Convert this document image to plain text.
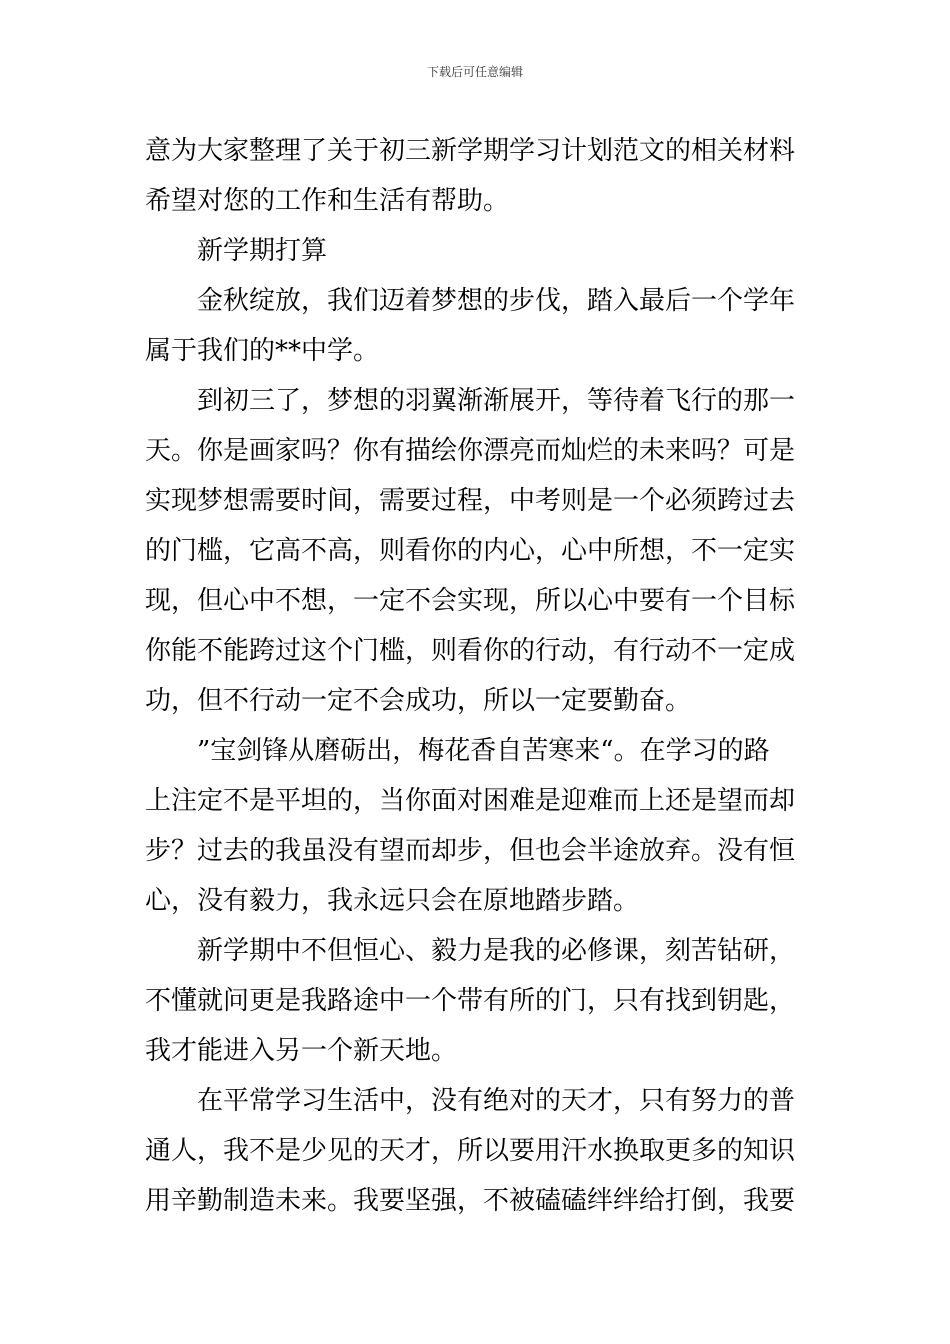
下载后可任意编辑
意为大家整理了关于初三新学期学习计划范文的相关材料
希望对您的工作和生活有帮助。
新学期打算
金秋绽放，我们迈着梦想的步伐，踏入最后一个学年
属于我们的**中学。
到初三了，梦想的羽翼渐渐展开，等待着飞行的那一
天。你是画家吗？你有描绘你漂亮而灿烂的未来吗？可是
实现梦想需要时间，需要过程，中考则是一个必须跨过去
的门槛，它高不高，则看你的内心，心中所想，不一定实
现，但心中不想，一定不会实现，所以心中要有一个目标
你能不能跨过这个门槛，则看你的行动，有行动不一定成
功，但不行动一定不会成功，所以一定要勤奋。
”宝剑锋从磨砺出，梅花香自苦寒来“。在学习的路
上注定不是平坦的，当你面对困难是迎难而上还是望而却
步？过去的我虽没有望而却步，但也会半途放弃。没有恒
心，没有毅力，我永远只会在原地踏步踏。
新学期中不但恒心、毅力是我的必修课，刻苦钻研，
不懂就问更是我路途中一个带有所的门，只有找到钥匙，
我才能进入另一个新天地。
在平常学习生活中，没有绝对的天才，只有努力的普
通人，我不是少见的天才，所以要用汗水换取更多的知识
用辛勤制造未来。我要坚强，不被磕磕绊绊给打倒，我要
